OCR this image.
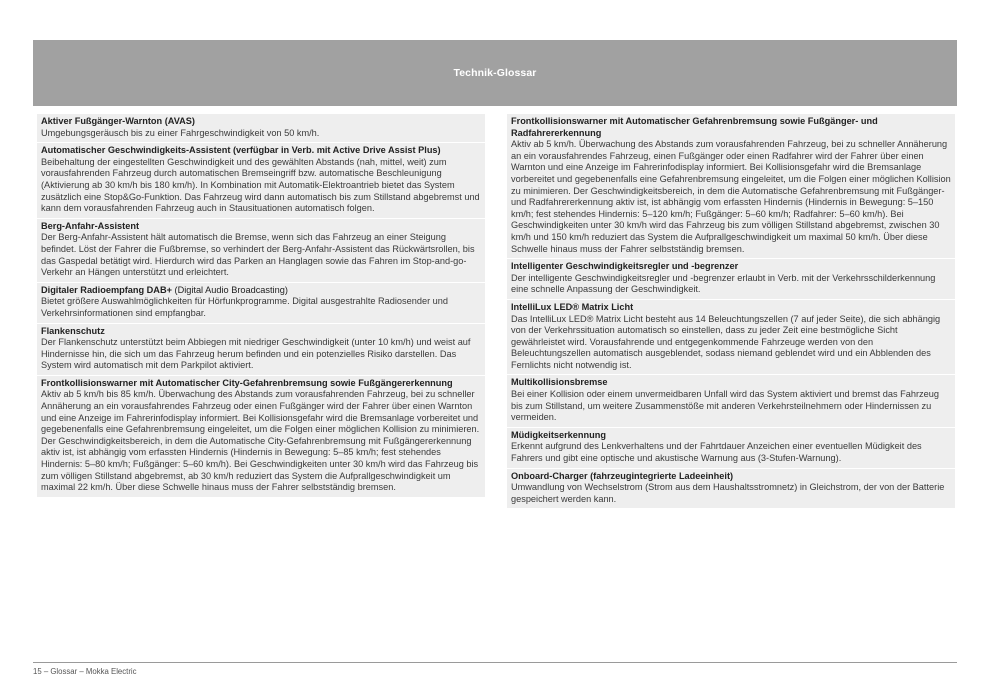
Technik-Glossar
Aktiver Fußgänger-Warnton (AVAS)
Umgebungsgeräusch bis zu einer Fahrgeschwindigkeit von 50 km/h.
Automatischer Geschwindigkeits-Assistent (verfügbar in Verb. mit Active Drive Assist Plus)
Beibehaltung der eingestellten Geschwindigkeit und des gewählten Abstands (nah, mittel, weit) zum vorausfahrenden Fahrzeug durch automatischen Bremseingriff bzw. automatische Beschleunigung (Aktivierung ab 30 km/h bis 180 km/h). In Kombination mit Automatik-Elektroantrieb bietet das System zusätzlich eine Stop&Go-Funktion. Das Fahrzeug wird dann automatisch bis zum Stillstand abgebremst und kann dem vorausfahrenden Fahrzeug auch in Stausituationen automatisch folgen.
Berg-Anfahr-Assistent
Der Berg-Anfahr-Assistent hält automatisch die Bremse, wenn sich das Fahrzeug an einer Steigung befindet. Löst der Fahrer die Fußbremse, so verhindert der Berg-Anfahr-Assistent das Rückwärtsrollen, bis das Gaspedal betätigt wird. Hierdurch wird das Parken an Hanglagen sowie das Fahren im Stop-and-go-Verkehr an Hängen unterstützt und erleichtert.
Digitaler Radioempfang DAB+ (Digital Audio Broadcasting)
Bietet größere Auswahlmöglichkeiten für Hörfunkprogramme. Digital ausgestrahlte Radiosender und Verkehrsinformationen sind empfangbar.
Flankenschutz
Der Flankenschutz unterstützt beim Abbiegen mit niedriger Geschwindigkeit (unter 10 km/h) und weist auf Hindernisse hin, die sich um das Fahrzeug herum befinden und ein potenzielles Risiko darstellen. Das System wird automatisch mit dem Parkpilot aktiviert.
Frontkollisionswarner mit Automatischer City-Gefahrenbremsung sowie Fußgängererkennung
Aktiv ab 5 km/h bis 85 km/h. Überwachung des Abstands zum vorausfahrenden Fahrzeug, bei zu schneller Annäherung an ein vorausfahrendes Fahrzeug oder einen Fußgänger wird der Fahrer über einen Warnton und eine Anzeige im Fahrerinfodisplay informiert. Bei Kollisionsgefahr wird die Bremsanlage vorbereitet und gegebenenfalls eine Gefahrenbremsung eingeleitet, um die Folgen einer möglichen Kollision zu minimieren. Der Geschwindigkeitsbereich, in dem die Automatische City-Gefahrenbremsung mit Fußgängererkennung aktiv ist, ist abhängig vom erfassten Hindernis (Hindernis in Bewegung: 5–85 km/h; fest stehendes Hindernis: 5–80 km/h; Fußgänger: 5–60 km/h). Bei Geschwindigkeiten unter 30 km/h wird das Fahrzeug bis zum völligen Stillstand abgebremst, ab 30 km/h reduziert das System die Aufprallgeschwindigkeit um maximal 22 km/h. Über diese Schwelle hinaus muss der Fahrer selbstständig bremsen.
Frontkollisionswarner mit Automatischer Gefahrenbremsung sowie Fußgänger- und Radfahrererkennung
Aktiv ab 5 km/h. Überwachung des Abstands zum vorausfahrenden Fahrzeug, bei zu schneller Annäherung an ein vorausfahrendes Fahrzeug, einen Fußgänger oder einen Radfahrer wird der Fahrer über einen Warnton und eine Anzeige im Fahrerinfodisplay informiert. Bei Kollisionsgefahr wird die Bremsanlage vorbereitet und gegebenenfalls eine Gefahrenbremsung eingeleitet, um die Folgen einer möglichen Kollision zu minimieren. Der Geschwindigkeitsbereich, in dem die Automatische Gefahrenbremsung mit Fußgänger- und Radfahrererkennung aktiv ist, ist abhängig vom erfassten Hindernis (Hindernis in Bewegung: 5–150 km/h; fest stehendes Hindernis: 5–120 km/h; Fußgänger: 5–60 km/h; Radfahrer: 5–60 km/h). Bei Geschwindigkeiten unter 30 km/h wird das Fahrzeug bis zum völligen Stillstand abgebremst, zwischen 30 km/h und 150 km/h reduziert das System die Aufprallgeschwindigkeit um maximal 50 km/h. Über diese Schwelle hinaus muss der Fahrer selbstständig bremsen.
Intelligenter Geschwindigkeitsregler und -begrenzer
Der intelligente Geschwindigkeitsregler und -begrenzer erlaubt in Verb. mit der Verkehrsschilderkennung eine schnelle Anpassung der Geschwindigkeit.
IntelliLux LED® Matrix Licht
Das IntelliLux LED® Matrix Licht besteht aus 14 Beleuchtungszellen (7 auf jeder Seite), die sich abhängig von der Verkehrssituation automatisch so einstellen, dass zu jeder Zeit eine bestmögliche Sicht gewährleistet wird. Vorausfahrende und entgegenkommende Fahrzeuge werden von den Beleuchtungszellen automatisch ausgeblendet, sodass niemand geblendet wird und ein Abblenden des Fernlichts nicht notwendig ist.
Multikollisionsbremse
Bei einer Kollision oder einem unvermeidbaren Unfall wird das System aktiviert und bremst das Fahrzeug bis zum Stillstand, um weitere Zusammenstöße mit anderen Verkehrsteilnehmern oder Hindernissen zu vermeiden.
Müdigkeitserkennung
Erkennt aufgrund des Lenkverhaltens und der Fahrtdauer Anzeichen einer eventuellen Müdigkeit des Fahrers und gibt eine optische und akustische Warnung aus (3-Stufen-Warnung).
Onboard-Charger (fahrzeugintegrierte Ladeeinheit)
Umwandlung von Wechselstrom (Strom aus dem Haushaltsstromnetz) in Gleichstrom, der von der Batterie gespeichert werden kann.
15 – Glossar – Mokka Electric
